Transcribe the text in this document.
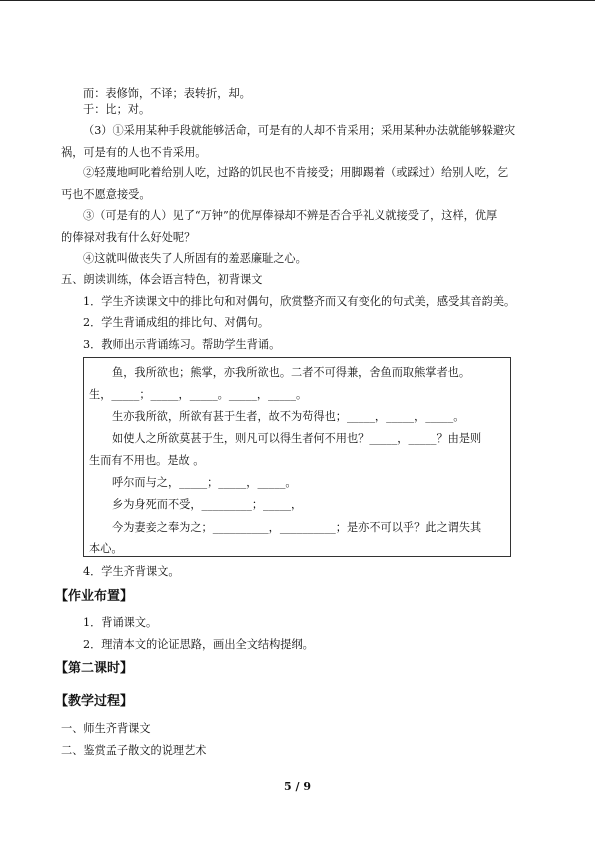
而：表修饰，不译；表转折，却。
于：比；对。
（3）①采用某种手段就能够活命，可是有的人却不肯采用；采用某种办法就能够躲避灾
祸，可是有的人也不肯采用。
②轻蔑地呵叱着给别人吃，过路的饥民也不肯接受；用脚踢着（或踩过）给别人吃，乞
丐也不愿意接受。
③（可是有的人）见了“万钟”的优厚俸禄却不辨是否合乎礼义就接受了，这样，优厚
的俸禄对我有什么好处呢？
④这就叫做丧失了人所固有的羞恶廉耻之心。
五、朗读训练，体会语言特色，初背课文
1．学生齐读课文中的排比句和对偶句，欣赏整齐而又有变化的句式美，感受其音韵美。
2．学生背诵成组的排比句、对偶句。
3．教师出示背诵练习。帮助学生背诵。
鱼，我所欲也；熊掌，亦我所欲也。二者不可得兼，舍鱼而取熊掌者也。
生，_____；_____，_____。_____，_____。
生亦我所欲，所欲有甚于生者，故不为苟得也；_____，_____，_____。
如使人之所欲莫甚于生，则凡可以得生者何不用也？_____，_____？由是则
生而有不用也。是故 。
呼尔而与之，_____；_____，_____。
乡为身死而不受，_________；_____，
今为妻妾之奉为之；__________，__________；是亦不可以乎？此之谓失其
本心。
4．学生齐背课文。
【作业布置】
1．背诵课文。
2．理清本文的论证思路，画出全文结构提纲。
【第二课时】
【教学过程】
一、师生齐背课文
二、鉴赏孟子散文的说理艺术
5 / 9
